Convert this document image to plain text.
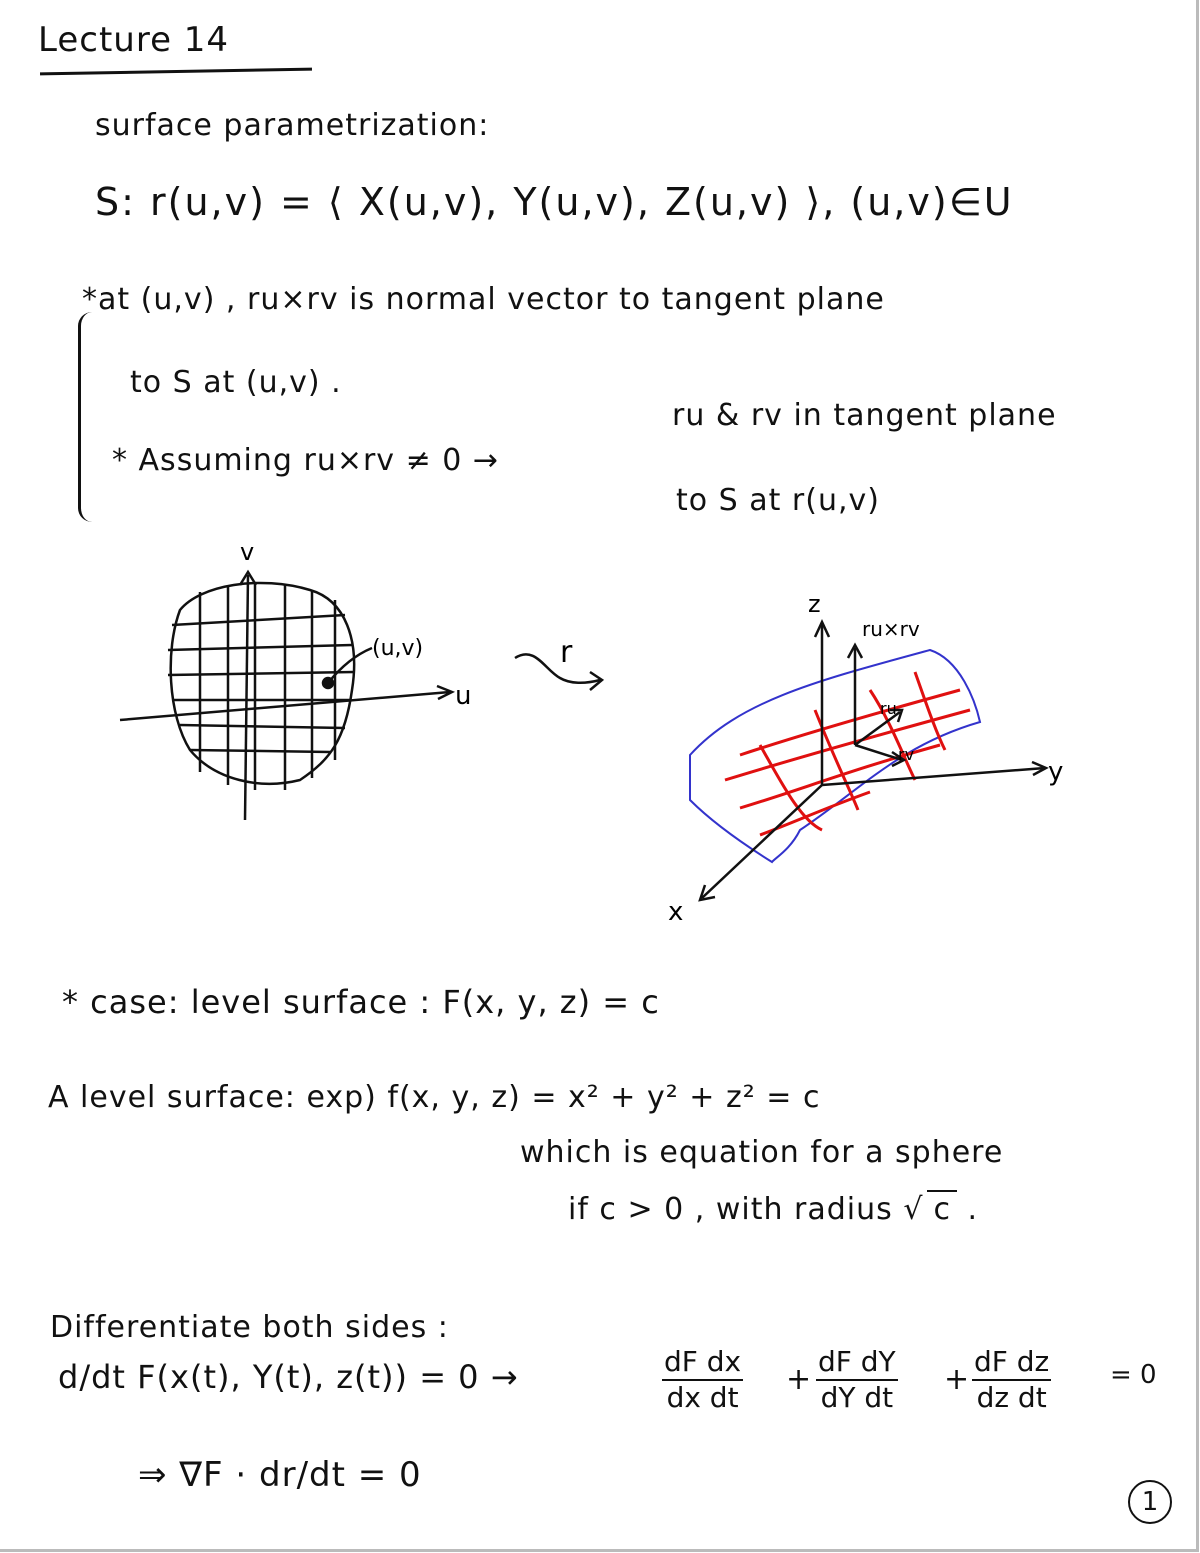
Lecture 14
surface parametrization:
S: r(u,v) = ⟨ X(u,v), Y(u,v), Z(u,v) ⟩, (u,v)∈U
*at (u,v) , ru×rv is normal vector to tangent plane
to S at (u,v) .
* Assuming ru×rv ≠ 0 →
ru & rv in tangent plane
to S at r(u,v)
v
u
(u,v)	r
z
y
x
ru×rv
ru
rv
* case: level surface : F(x, y, z) = c
A level surface: exp) f(x, y, z) = x² + y² + z² = c
which is equation for a sphere
if c > 0 , with radius √ c .
Differentiate both sides :
d/dt F(x(t), Y(t), z(t)) = 0 →	$\frac{\text{dF dx}}{\text{dx dt}} + \frac{\text{dF dY}}{\text{dY dt}} + \frac{\text{dF dz}}{\text{dz dt}} = 0$
⇒ ∇F · dr/dt = 0
1
